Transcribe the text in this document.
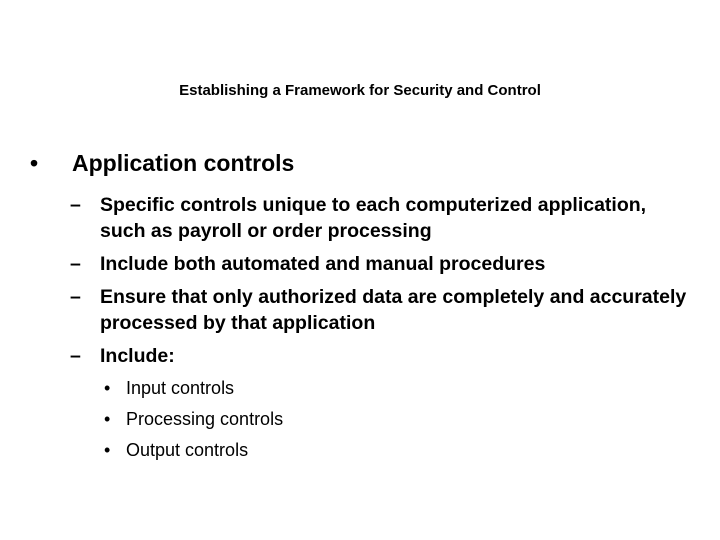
Establishing a Framework for Security and Control
•	Application controls
– Specific controls unique to each computerized application, such as payroll or order processing
– Include both automated and manual procedures
– Ensure that only authorized data are completely and accurately processed by that application
– Include:
• Input controls
• Processing controls
• Output controls
